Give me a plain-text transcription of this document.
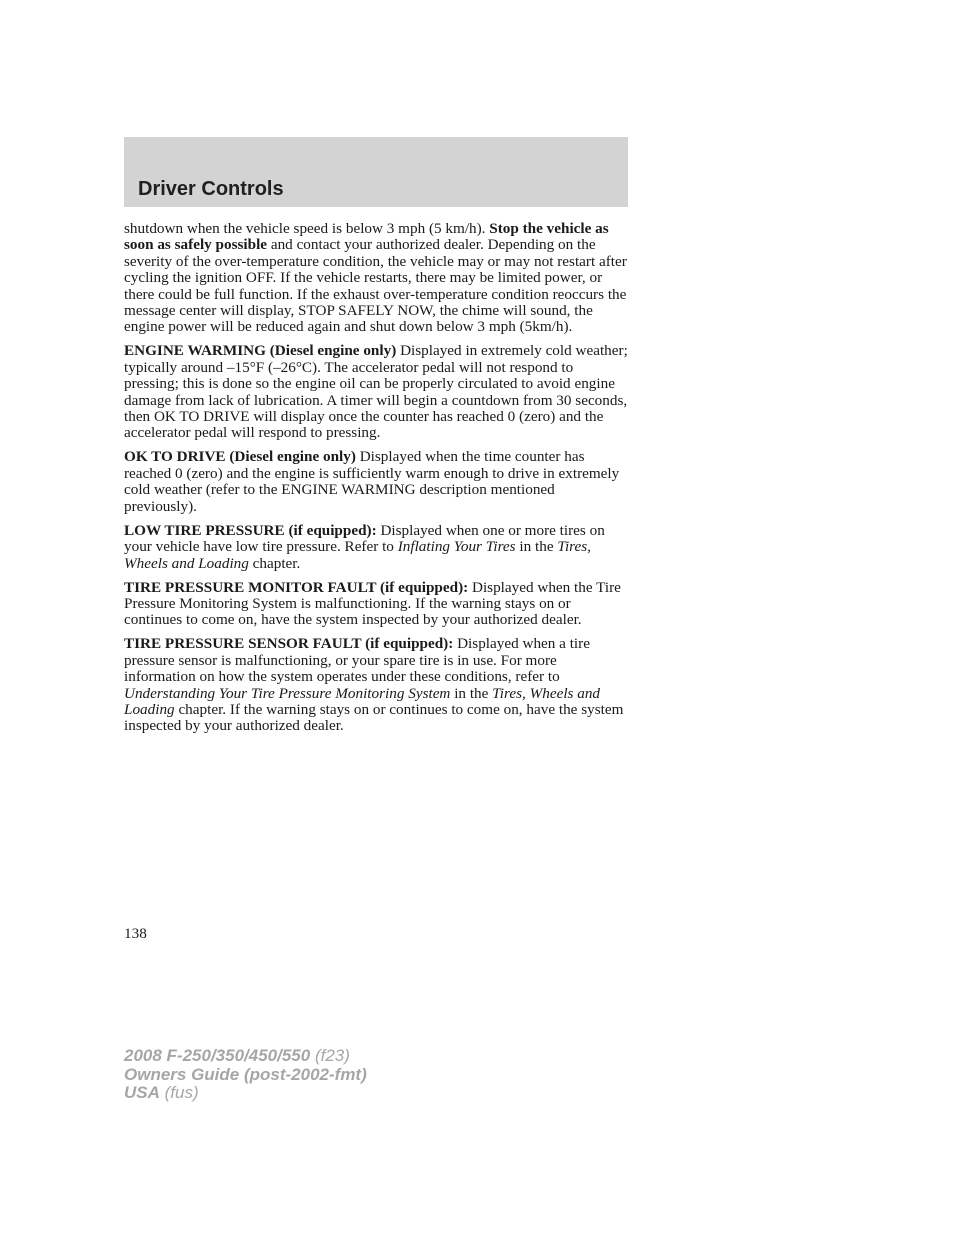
Driver Controls

shutdown when the vehicle speed is below 3 mph (5 km/h). Stop the vehicle as soon as safely possible and contact your authorized dealer. Depending on the severity of the over-temperature condition, the vehicle may or may not restart after cycling the ignition OFF. If the vehicle restarts, there may be limited power, or there could be full function. If the exhaust over-temperature condition reoccurs the message center will display, STOP SAFELY NOW, the chime will sound, the engine power will be reduced again and shut down below 3 mph (5km/h).

ENGINE WARMING (Diesel engine only) Displayed in extremely cold weather; typically around –15°F (–26°C). The accelerator pedal will not respond to pressing; this is done so the engine oil can be properly circulated to avoid engine damage from lack of lubrication. A timer will begin a countdown from 30 seconds, then OK TO DRIVE will display once the counter has reached 0 (zero) and the accelerator pedal will respond to pressing.

OK TO DRIVE (Diesel engine only) Displayed when the time counter has reached 0 (zero) and the engine is sufficiently warm enough to drive in extremely cold weather (refer to the ENGINE WARMING description mentioned previously).

LOW TIRE PRESSURE (if equipped): Displayed when one or more tires on your vehicle have low tire pressure. Refer to Inflating Your Tires in the Tires, Wheels and Loading chapter.

TIRE PRESSURE MONITOR FAULT (if equipped): Displayed when the Tire Pressure Monitoring System is malfunctioning. If the warning stays on or continues to come on, have the system inspected by your authorized dealer.

TIRE PRESSURE SENSOR FAULT (if equipped): Displayed when a tire pressure sensor is malfunctioning, or your spare tire is in use. For more information on how the system operates under these conditions, refer to Understanding Your Tire Pressure Monitoring System in the Tires, Wheels and Loading chapter. If the warning stays on or continues to come on, have the system inspected by your authorized dealer.

138
2008 F-250/350/450/550 (f23)
Owners Guide (post-2002-fmt)
USA (fus)
